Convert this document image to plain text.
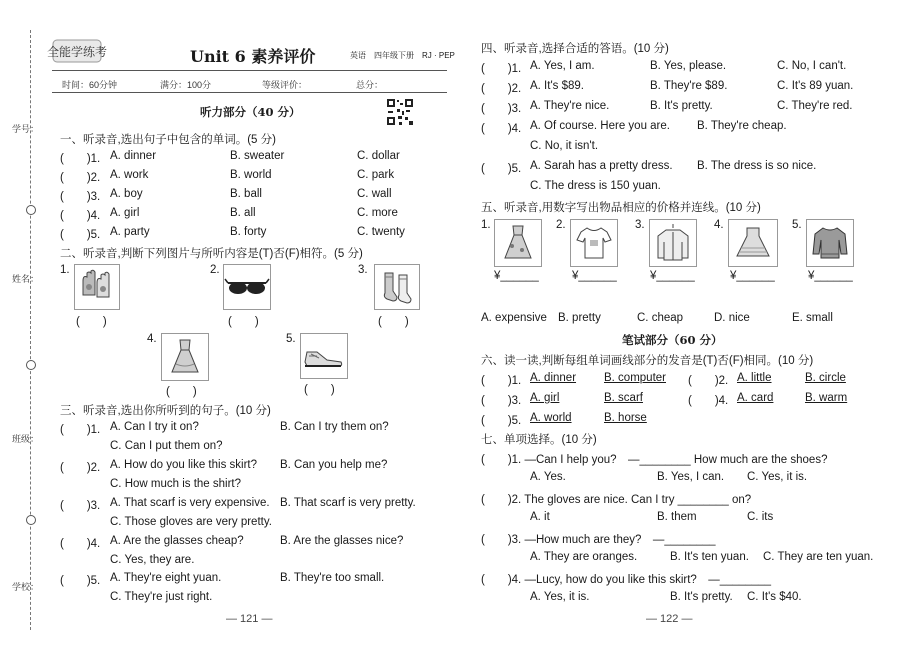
学号：
姓名：
班级：
学校：
全能学练考	Unit 6 素养评价	英语　四年级下册　RJ · PEP
时间：60分钟	满分：100分	等级评价：	总分：
听力部分（40 分）
一、听录音,选出句子中包含的单词。(5 分)
(　　)1. A. dinner	B. sweater	C. dollar
(　　)2. A. work	B. world	C. park
(　　)3. A. boy	B. ball	C. wall
(　　)4. A. girl	B. all	C. more
(　　)5. A. party	B. forty	C. twenty
二、听录音,判断下列图片与所听内容是(T)否(F)相符。(5 分)
1.
(　　)
2.
(　　)
3.
(　　)
4.
(　　)
5.
(　　)
三、听录音,选出你所听到的句子。(10 分)
(　　)1. A. Can I try it on?	B. Can I try them on?
C. Can I put them on?
(　　)2. A. How do you like this skirt? B. Can you help me?
C. How much is the shirt?
(　　)3. A. That scarf is very expensive. B. That scarf is very pretty.
C. Those gloves are very pretty.
(　　)4. A. Are the glasses cheap?	B. Are the glasses nice?
C. Yes, they are.
(　　)5. A. They're eight yuan.	B. They're too small.
C. They're just right.
— 121 —
四、听录音,选择合适的答语。(10 分)
(　　)1. A. Yes, I am.	B. Yes, please.	C. No, I can't.
(　　)2. A. It's $89.	B. They're $89.	C. It's 89 yuan.
(　　)3. A. They're nice.	B. It's pretty.	C. They're red.
(　　)4. A. Of course. Here you are. B. They're cheap.
C. No, it isn't.
(　　)5. A. Sarah has a pretty dress. B. The dress is so nice.
C. The dress is 150 yuan.
五、听录音,用数字写出物品相应的价格并连线。(10 分)
1.
¥______
2.
¥______
3.
¥______
4.
¥______
5.
¥______
A. expensive B. pretty	C. cheap	D. nice	E. small
笔试部分（60 分）
六、读一读,判断每组单词画线部分的发音是(T)否(F)相同。(10 分)
(　　)1. A. dinner B. computer (　　)2. A. little	B. circle
(　　)3. A. girl	B. scarf	(　　)4. A. card	B. warm
(　　)5. A. world	B. horse
七、单项选择。(10 分)
(　　)1. —Can I help you?　—________ How much are the shoes?
A. Yes.	B. Yes, I can. C. Yes, it is.
(　　)2. The gloves are nice. Can I try ________ on?
A. it	B. them	C. its
(　　)3. —How much are they?　—________
A. They are oranges.	B. It's ten yuan. C. They are ten yuan.
(　　)4. —Lucy, how do you like this skirt?　—________
A. Yes, it is.	B. It's pretty. C. It's $40.
— 122 —
